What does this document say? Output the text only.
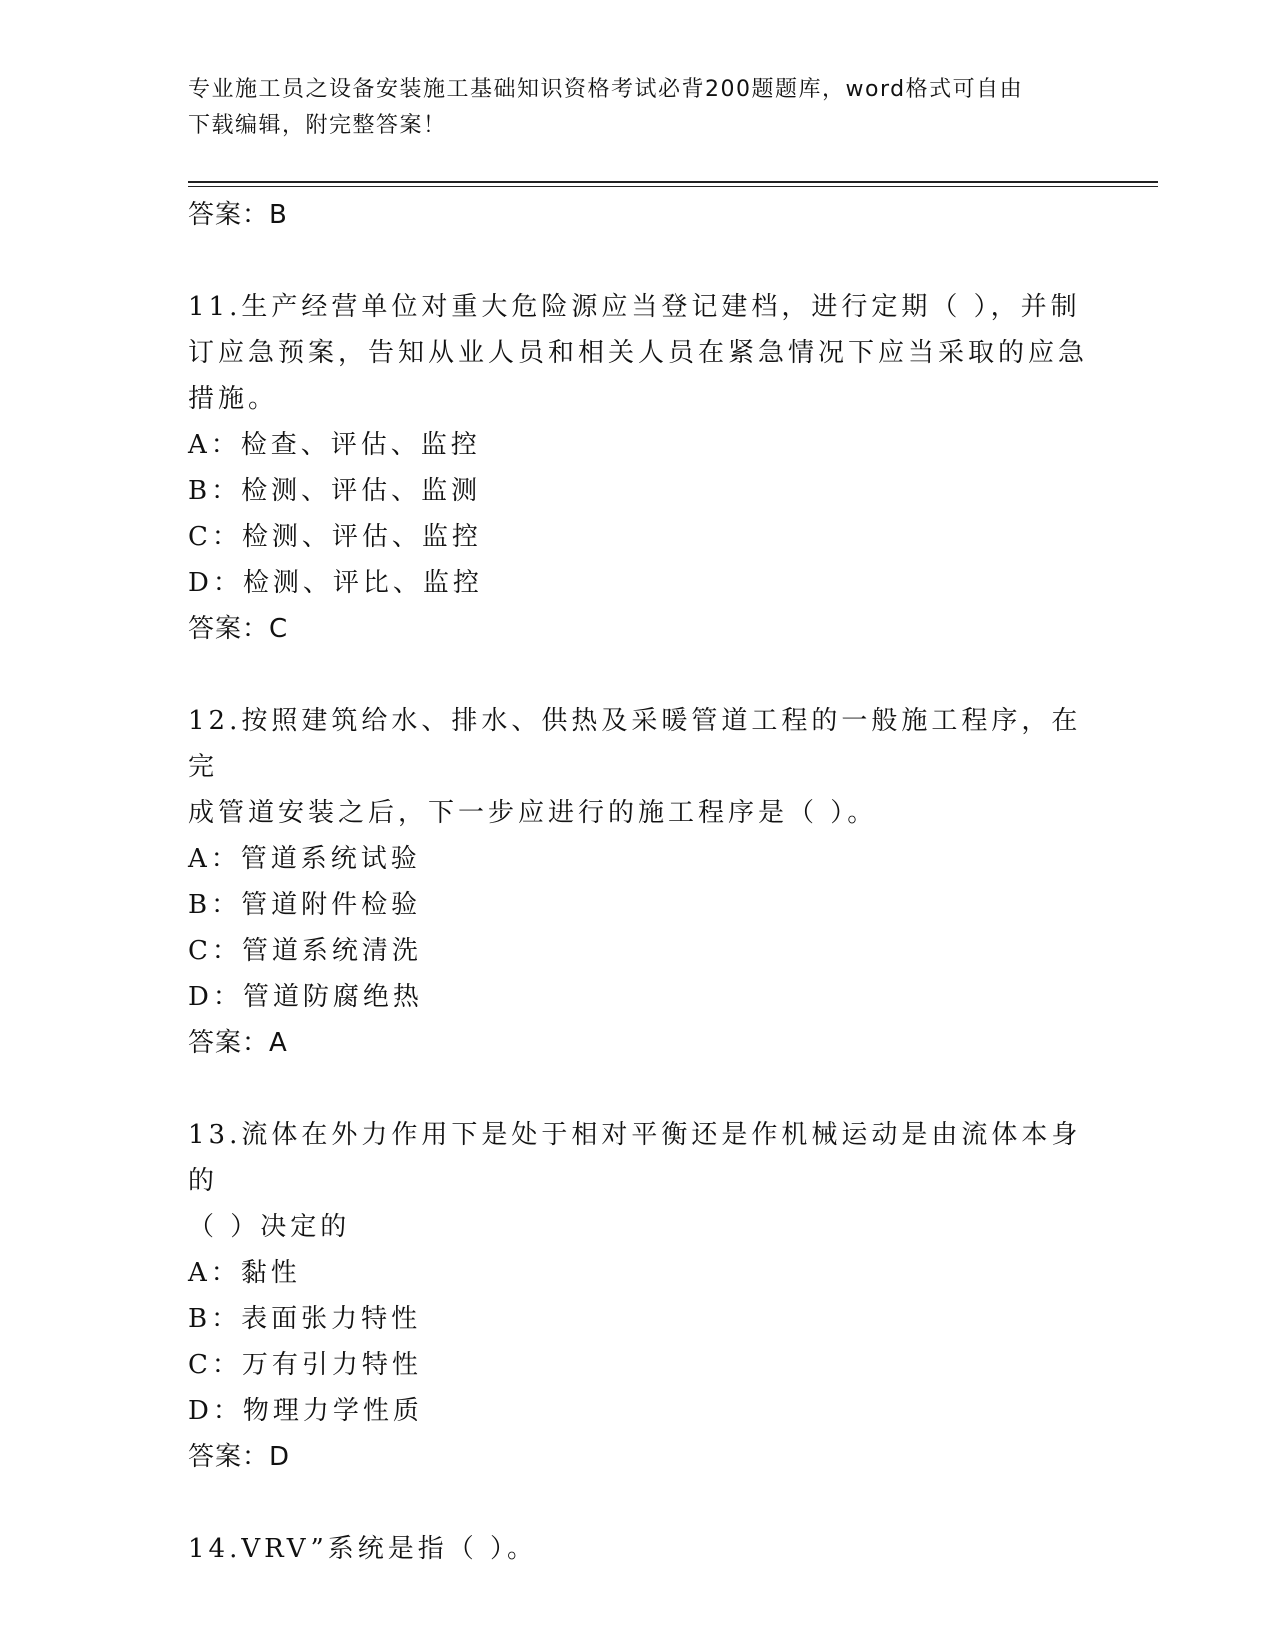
专业施工员之设备安装施工基础知识资格考试必背200题题库，word格式可自由
下载编辑，附完整答案！
答案：B
11.生产经营单位对重大危险源应当登记建档，进行定期（ ），并制
订应急预案，告知从业人员和相关人员在紧急情况下应当采取的应急
措施。
A：检查、评估、监控
B：检测、评估、监测
C：检测、评估、监控
D：检测、评比、监控
答案：C
12.按照建筑给水、排水、供热及采暖管道工程的一般施工程序，在完
成管道安装之后，下一步应进行的施工程序是（ ）。
A：管道系统试验
B：管道附件检验
C：管道系统清洗
D：管道防腐绝热
答案：A
13.流体在外力作用下是处于相对平衡还是作机械运动是由流体本身的
（ ）决定的
A：黏性
B：表面张力特性
C：万有引力特性
D：物理力学性质
答案：D
14.VRV”系统是指（ ）。
